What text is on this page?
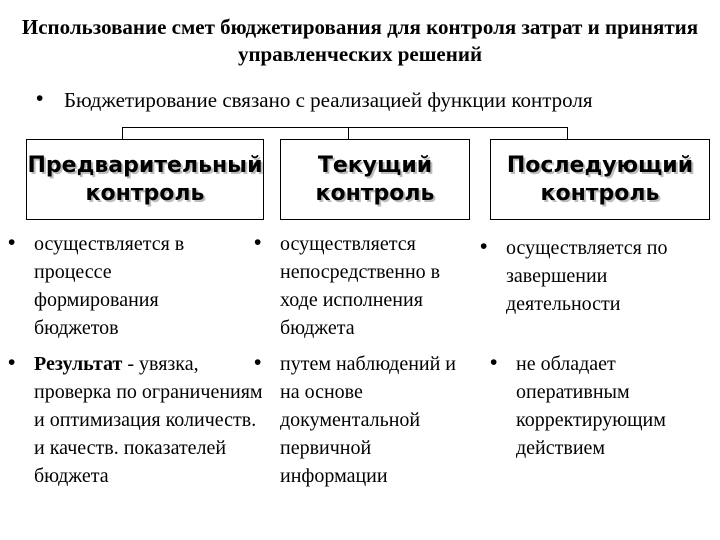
Использование смет бюджетирования для контроля затрат и принятия управленческих решений
• Бюджетирование связано с реализацией функции контроля
Предварительный
контроль
Текущий
контроль
Последующий
контроль
• осуществляется в процессе формирования бюджетов
• Результат - увязка, проверка по ограничениям и оптимизация количеств. и качеств. показателей бюджета
• осуществляется непосредственно в ходе исполнения бюджета
• путем наблюдений и на основе документальной первичной информации
• осуществляется по завершении деятельности
• не обладает оперативным корректирующим действием
